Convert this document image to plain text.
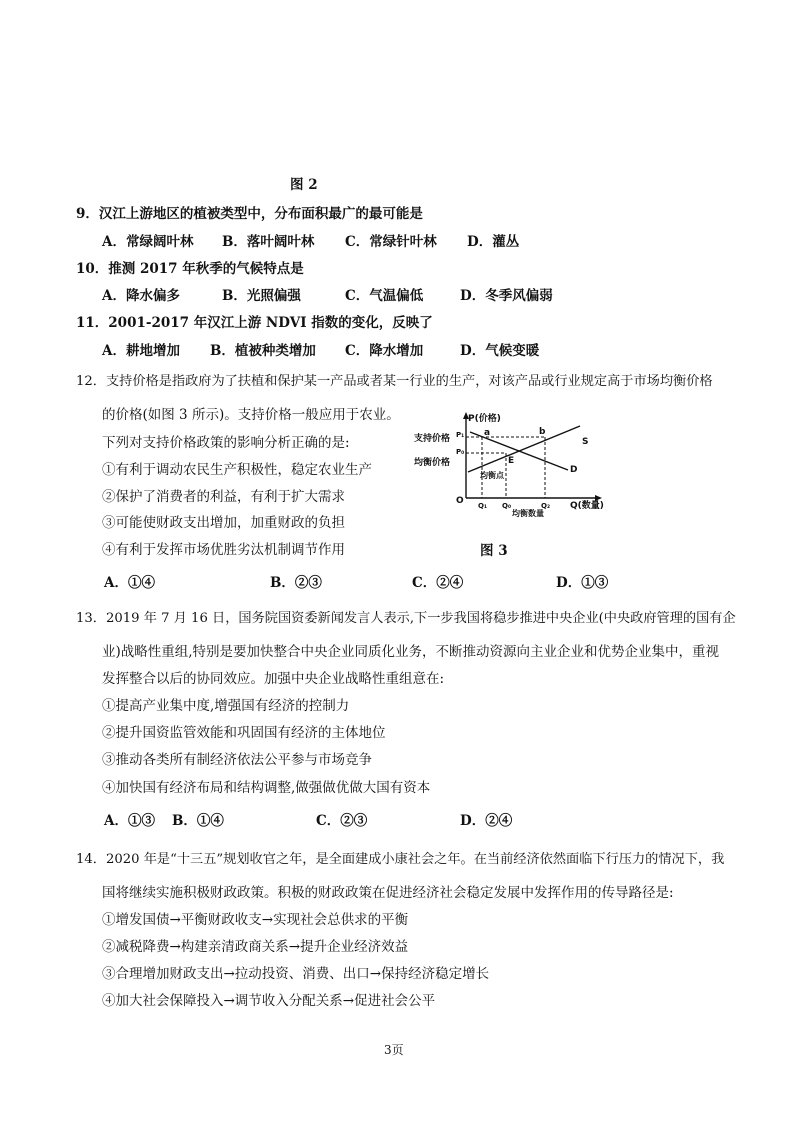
图 2
9．汉江上游地区的植被类型中，分布面积最广的最可能是
A．常绿阔叶林 B．落叶阔叶林 C．常绿针叶林 D．灌丛
10．推测 2017 年秋季的气候特点是
A．降水偏多	B．光照偏强	C．气温偏低	D．冬季风偏弱
11．2001-2017 年汉江上游 NDVI 指数的变化，反映了
A．耕地增加 B．植被种类增加 C．降水增加	D．气候变暖
12．支持价格是指政府为了扶植和保护某一产品或者某一行业的生产，对该产品或行业规定高于市场均衡价格
的价格(如图 3 所示)。支持价格一般应用于农业。
下列对支持价格政策的影响分析正确的是:
①有利于调动农民生产积极性，稳定农业生产
②保护了消费者的利益，有利于扩大需求
③可能使财政支出增加，加重财政的负担
④有利于发挥市场优胜劣汰机制调节作用
P(价格)
Q(数量)
支持价格
均衡价格
P₁
P₀
O
a	b
E
S
D
均衡点
Q₁ Q₀	Q₂
均衡数量
图 3
A．①④	B．②③	C．②④	D．①③
13．2019 年 7 月 16 日，国务院国资委新闻发言人表示,下一步我国将稳步推进中央企业(中央政府管理的国有企
业)战略性重组,特别是要加快整合中央企业同质化业务，不断推动资源向主业企业和优势企业集中，重视
发挥整合以后的协同效应。加强中央企业战略性重组意在:
①提高产业集中度,增强国有经济的控制力
②提升国资监管效能和巩固国有经济的主体地位
③推动各类所有制经济依法公平参与市场竞争
④加快国有经济布局和结构调整,做强做优做大国有资本
A．①③ B．①④	C．②③	D．②④
14．2020 年是“十三五”规划收官之年，是全面建成小康社会之年。在当前经济依然面临下行压力的情况下，我
国将继续实施积极财政政策。积极的财政政策在促进经济社会稳定发展中发挥作用的传导路径是:
①增发国债→平衡财政收支→实现社会总供求的平衡
②减税降费→构建亲清政商关系→提升企业经济效益
③合理增加财政支出→拉动投资、消费、出口→保持经济稳定增长
④加大社会保障投入→调节收入分配关系→促进社会公平
3页
